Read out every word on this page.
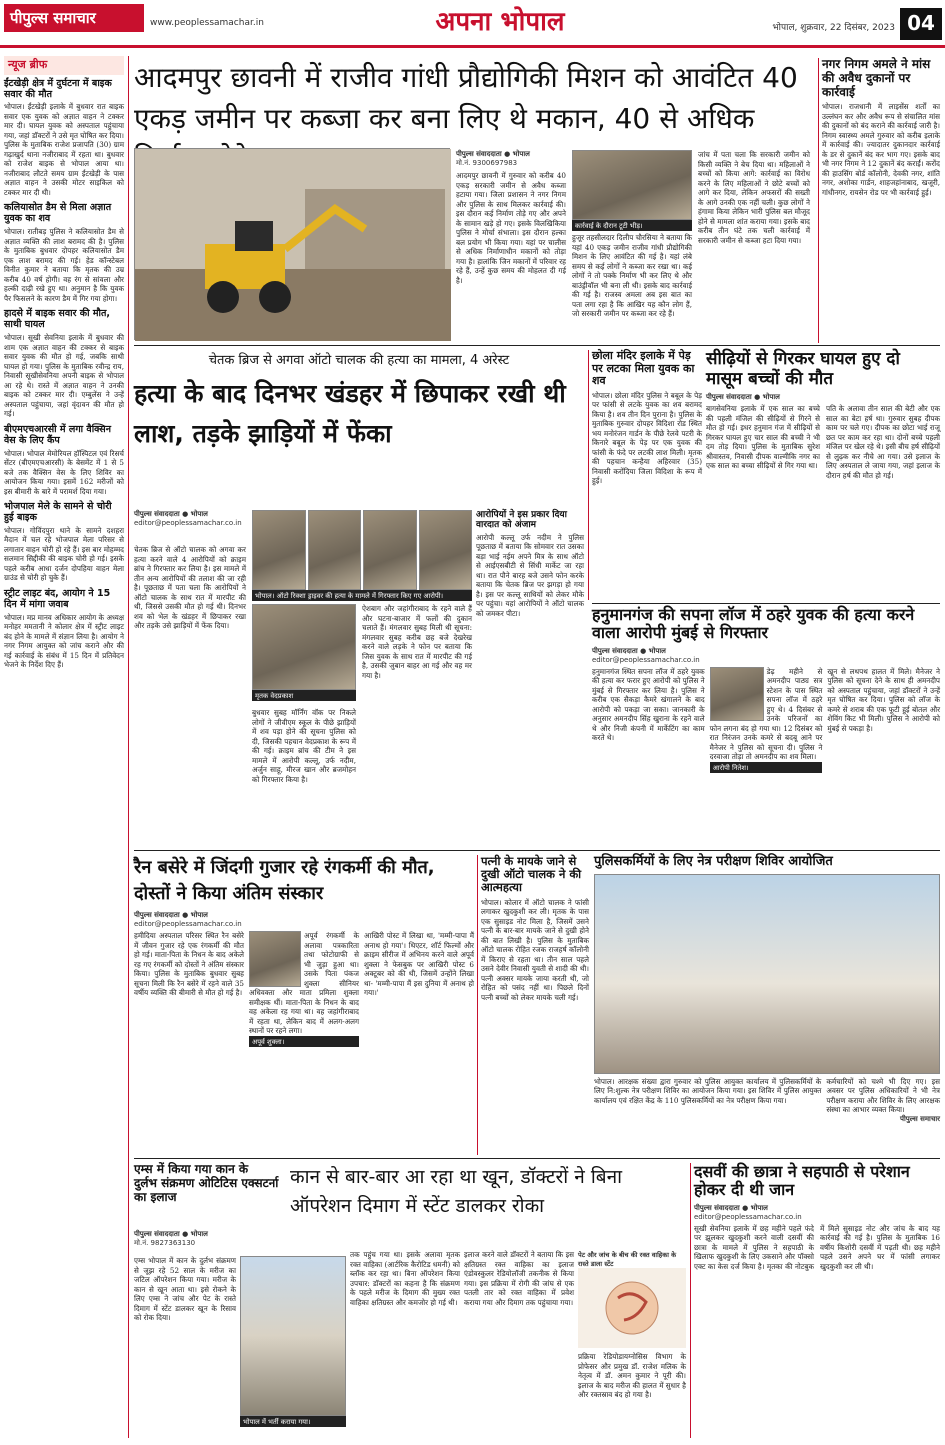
पीपुल्स समाचार	www.peoplessamachar.in	अपना भोपाल	भोपाल, शुक्रवार, 22 दिसंबर, 2023 04
न्यूज ब्रीफ
ईंटखेड़ी क्षेत्र में दुर्घटना में बाइक सवार की मौत
भोपाल। ईंटखेड़ी इलाके में बुधवार रात बाइक सवार एक युवक को अज्ञात वाहन ने टक्कर मार दी। घायल युवक को अस्पताल पहुंचाया गया, जहां डॉक्टरों ने उसे मृत घोषित कर दिया। पुलिस के मुताबिक राजेश प्रजापति (30) ग्राम गढ़ाखुर्द थाना नजीराबाद में रहता था। बुधवार को राजेश बाइक से भोपाल आया था। नजीराबाद लौटते समय ग्राम ईंटखेड़ी के पास अज्ञात वाहन ने उसकी मोटर साइकिल को टक्कर मार दी थी।
कलियासोत डैम से मिला अज्ञात युवक का शव
भोपाल। रातीबड़ पुलिस ने कलियासोत डैम से अज्ञात व्यक्ति की लाश बरामद की है। पुलिस के मुताबिक बुधवार दोपहर कलियासोत डैम एक लाश बरामद की गई। हेड कॉन्स्टेबल विनीत कुमार ने बताया कि मृतक की उम्र करीब 40 वर्ष होगी। वह रंग से सांवला और हल्की दाढ़ी रखे हुए था। अनुमान है कि युवक पैर फिसलने के कारण डैम में गिर गया होगा।
हादसे में बाइक सवार की मौत, साथी घायल
भोपाल। सूखी सेवनिया इलाके में बुधवार की शाम एक अज्ञात वाहन की टक्कर से बाइक सवार युवक की मौत हो गई, जबकि साथी घायल हो गया। पुलिस के मुताबिक रवीन्द्र राय, निवासी सूखीसेवनिया अपनी बाइक से भोपाल आ रहे थे। रास्ते में अज्ञात वाहन ने उनकी बाइक को टक्कर मार दी। एम्बुलेंस ने उन्हें अस्पताल पहुंचाया, जहां वृंदावन की मौत हो गई।
बीएमएचआरसी में लगा वैक्सिन वेस के लिए कैंप
भोपाल। भोपाल मेमोरियल हॉस्पिटल एवं रिसर्च सेंटर (बीएमएचआरसी) के बेसमेंट में 1 से 5 बजे तक वैक्सिन वेस के लिए शिविर का आयोजन किया गया। इसमें 162 मरीजों को इस बीमारी के बारे में परामर्श दिया गया।
भोजपाल मेले के सामने से चोरी हुई बाइक
भोपाल। गोविंदपुरा थाने के सामने दशहरा मैदान में चल रहे भोजपाल मेला परिसर से लगातार वाहन चोरी हो रहे हैं। इस बार मोहम्मद सलमान सिद्दीकी की बाइक चोरी हो गई। इसके पहले करीब आधा दर्जन दोपहिया वाहन मेला ग्राउंड से चोरी हो चुके हैं।
स्ट्रीट लाइट बंद, आयोग ने 15 दिन में मांगा जवाब
भोपाल। मप्र मानव अधिकार आयोग के अध्यक्ष मनोहर ममतानी ने कोलार क्षेत्र में स्ट्रीट लाइट बंद होने के मामले में संज्ञान लिया है। आयोग ने नगर निगम आयुक्त को जांच कराने और की गई कार्रवाई के संबंध में 15 दिन में प्रतिवेदन भेजने के निर्देश दिए हैं।
आदमपुर छावनी में राजीव गांधी प्रौद्योगिकी मिशन को आवंटित 40 एकड़ जमीन पर कब्जा कर बना लिए थे मकान, 40 से अधिक
पीपुल्स संवाददाता ● भोपाल
मो.नं. 9300697983
आदमपुर छावनी में गुरुवार को करीब 40 एकड़ सरकारी जमीन से अवैध कब्जा हटाया गया। जिला प्रशासन ने नगर निगम और पुलिस के साथ मिलकर कार्रवाई की। इस दौरान कई निर्माण तोड़े गए और अपने के सामान खड़े हो गए। इसके विलखिकिया पुलिस ने मोर्चा संभाला। इस दौरान हल्का बल प्रयोग भी किया गया। यहां पर चालीस से अधिक निर्माणाधीन मकानों को तोड़ा गया है। हालांकि जिन मकानों में परिवार रह रहे हैं, उन्हें कुछ समय की मोहलत दी गई है।
कार्रवाई के दौरान टूटी भीड़।
हुजूर तहसीलदार दिलीप चौरसिया ने बताया कि यहां 40 एकड़ जमीन राजीव गांधी प्रौद्योगिकी मिशन के लिए आवंटित की गई है। यहां लंबे समय से कई लोगों ने कब्जा कर रखा था। कई लोगों ने तो पक्के निर्माण भी कर लिए थे और बाउंड्रीवॉल भी बना ली थी। इसके बाद कार्रवाई की गई है। राजस्व अमला अब इस बात का पता लगा रहा है कि आखिर यह कौन लोग हैं, जो सरकारी जमीन पर कब्जा कर रहे हैं।
जांच में पता चला कि सरकारी जमीन को किसी व्यक्ति ने बेच दिया था। महिलाओं ने बच्चों को किया आगे: कार्रवाई का विरोध करने के लिए महिलाओं ने छोटे बच्चों को आगे कर दिया, लेकिन अफसरों की सख्ती के आगे उनकी एक नहीं चली। कुछ लोगों ने हंगामा किया लेकिन भारी पुलिस बल मौजूद होने से मामला शांत कराया गया। इसके बाद करीब तीन घंटे तक चली कार्रवाई में सरकारी जमीन से कब्जा हटा दिया गया।
नगर निगम अमले ने मांस की अवैध दुकानों पर कार्रवाई
भोपाल। राजधानी में लाइसेंस शर्तों का उल्लंघन कर और अवैध रूप से संचालित मांस की दुकानों को बंद कराने की कार्रवाई जारी है। निगम स्वास्थ्य अमले गुरुवार को करीब इलाके में कार्रवाई की। ज्यादातर दुकानदार कार्रवाई के डर से दुकानें बंद कर भाग गए। इसके बाद भी नगर निगम ने 12 दुकानें बंद कराईं। करोंद की हाउसिंग बोर्ड कॉलोनी, देवकी नगर, शांति नगर, अशोका गार्डन, शाहजहांनाबाद, खजूरी, गांधीनगर, रायसेन रोड पर भी कार्रवाई हुई।
चेतक ब्रिज से अगवा ऑटो चालक की हत्या का मामला, 4 अरेस्ट
हत्या के बाद दिनभर खंडहर में छिपाकर रखी थी लाश, तड़के झाड़ियों में फेंका
पीपुल्स संवाददाता ● भोपाल
editor@peoplessamachar.co.in
भोपाल। ऑटो रिक्शा ड्राइवर की हत्या के मामले में गिरफ्तार किए गए आरोपी।
चेतक ब्रिज से ऑटो चालक को अगवा कर हत्या करने वाले 4 आरोपियों को क्राइम ब्रांच ने गिरफ्तार कर लिया है। इस मामले में तीन अन्य आरोपियों की तलाश की जा रही है। पूछताछ में पता चला कि आरोपियों ने ऑटो चालक के साथ रात में मारपीट की थी, जिससे उसकी मौत हो गई थी। दिनभर शव को भेल के खंडहर में छिपाकर रखा और तड़के उसे झाड़ियों में फेंक दिया।
मृतक वेदप्रकाश
बुधवार सुबह मॉर्निंग वॉक पर निकले लोगों ने जीवीएम स्कूल के पीछे झाड़ियों में शव पड़ा होने की सूचना पुलिस को दी, जिसकी पहचान वेदप्रकाश के रूप में की गई। क्राइम ब्रांच की टीम ने इस मामले में आरोपी कल्लू, उर्फ नदीम, अर्जुन साहू, मीरज खान और ब्रजमोहन को गिरफ्तार किया है।
ऐशबाग और जहांगीराबाद के रहने वाले हैं और घटना-बाजार में फलों की दुकान चलाते हैं। मंगलवार सुबह मिली थी सूचना: मंगलवार सुबह करीब छह बजे देखरेख करने वाले लड़के ने फोन पर बताया कि जिस युवक के साथ रात में मारपीट की गई है, उसकी जुबान बाहर आ गई और वह मर गया है।
आरोपियों ने इस प्रकार दिया वारदात को अंजाम
आरोपी कल्लू उर्फ नदीम ने पुलिस पूछताछ में बताया कि सोमवार रात उसका बड़ा भाई नईम अपने मित्र के साथ ऑटो से आईएसबीटी से सिंधी मार्केट जा रहा था। रात पौने बारह बजे उसने फोन करके बताया कि चेतक ब्रिज पर झगड़ा हो गया है। इस पर कल्लू साथियों को लेकर मौके पर पहुंचा। यहां आरोपियों ने ऑटो चालक को जमकर पीटा।
छोला मंदिर इलाके में पेड़ पर लटका मिला युवक का शव
भोपाल। छोला मंदिर पुलिस ने बबूल के पेड़ पर फांसी से लटके युवक का शव बरामद किया है। शव तीन दिन पुराना है। पुलिस के मुताबिक गुरुवार दोपहर विदिशा रोड स्थित भय मनोरंजन गार्डन के पीछे रेलवे पटरी के किनारे बबूल के पेड़ पर एक युवक की फांसी के फंदे पर लटकी लाश मिली। मृतक की पहचान कन्हैया अहिरवार (35) निवासी करोंदिया जिला विदिशा के रूप में हुई।
सीढ़ियों से गिरकर घायल हुए दो मासूम बच्चों की मौत
पीपुल्स संवाददाता ● भोपाल
बागसेवनिया इलाके में एक साल का बच्चे की पहली मंजिल की सीढ़ियों से गिरने से मौत हो गई। इधर हनुमान गंज में सीढ़ियों से गिरकर घायल हुए चार साल की बच्ची ने भी दम तोड़ दिया। पुलिस के मुताबिक सुरेश श्रीवास्तव, निवासी दीपक वाल्मीकि नगर का एक साल का बच्चा सीढ़ियों से गिर गया था।
पति के अलावा तीन साल की बेटी और एक साल का बेटा हर्ष था। गुरुवार सुबह दीपक काम पर चले गए। दीपक का छोटा भाई राजू छत पर काम कर रहा था। दोनों बच्चे पहली मंजिल पर खेल रहे थे। इसी बीच हर्ष सीढ़ियों से लुढ़क कर नीचे आ गया। उसे इलाज के लिए अस्पताल ले जाया गया, जहां इलाज के दौरान हर्ष की मौत हो गई।
हनुमानगंज की सपना लॉज में ठहरे युवक की हत्या करने वाला आरोपी मुंबई से गिरफ्तार
पीपुल्स संवाददाता ● भोपाल
editor@peoplessamachar.co.in
हनुमानगंज स्थित सपना लॉज में ठहरे युवक की हत्या कर फरार हुए आरोपी को पुलिस ने मुंबई से गिरफ्तार कर लिया है। पुलिस ने करीब एक सैकड़ा कैमरे खंगालने के बाद आरोपी को पकड़ा जा सका। जानकारी के अनुसार अमनदीप सिंह खुराना के रहने वाले थे और निजी कंपनी में मार्केटिंग का काम करते थे।
डेढ़ महीने से अमनदीप पाठ्य सत्र स्टेशन के पास स्थित सपना लॉज में ठहरे हुए थे। 4 दिसंबर से उनके परिजनों का फोन लगना बंद हो गया था। 12 दिसंबर को रात निरंजन उनके कमरे से बदबू आने पर मैनेजर ने पुलिस को सूचना दी। पुलिस ने दरवाजा तोड़ा तो अमनदीप का शव मिला।
आरोपी नितेश।
खून से लथपथ हालत में मिले। मैनेजर ने पुलिस को सूचना देने के साथ ही अमनदीप को अस्पताल पहुंचाया, जहां डॉक्टरों ने उन्हें मृत घोषित कर दिया। पुलिस को लॉज के कमरे से शराब की एक फूटी हुई बोतल और शेविंग किट भी मिली। पुलिस ने आरोपी को मुंबई से पकड़ा है।
रैन बसेरे में जिंदगी गुजार रहे रंगकर्मी की मौत, दोस्तों ने किया अंतिम संस्कार
पीपुल्स संवाददाता ● भोपाल
editor@peoplessamachar.co.in
हमीदिया अस्पताल परिसर स्थित रैन बसेरे में जीवन गुजार रहे एक रंगकर्मी की मौत हो गई। माता-पिता के निधन के बाद अकेले रह गए रंगकर्मी को दोस्तों ने अंतिम संस्कार किया। पुलिस के मुताबिक बुधवार सुबह सूचना मिली कि रैन बसेरे में रहने वाले 35 वर्षीय व्यक्ति की बीमारी से मौत हो गई है।
अपूर्व रंगकर्मी के अलावा पत्रकारिता तथा फोटोग्राफी से भी जुड़ा हुआ था। उसके पिता पंकज शुक्ला सीनियर अधिवक्ता और माता प्रमिला शुक्ला समीक्षक थीं। माता-पिता के निधन के बाद वह अकेला रह गया था। वह जहांगीराबाद में रहता था, लेकिन बाद में अलग-अलग स्थानों पर रहने लगा।
अपूर्व शुक्ला।
आखिरी पोस्ट में लिखा था, 'मम्मी-पापा मैं अनाथ हो गया'। थिएटर, शॉर्ट फिल्मों और क्राइम सीरीज में अभिनय करने वाले अपूर्व शुक्ला ने फेसबुक पर आखिरी पोस्ट 6 अक्टूबर को की थी, जिसमें उन्होंने लिखा था- 'मम्मी-पापा मैं इस दुनिया में अनाथ हो गया।'
पत्नी के मायके जाने से दुखी ऑटो चालक ने की आत्महत्या
भोपाल। कोलार में ऑटो चालक ने फांसी लगाकर खुदकुशी कर ली। मृतक के पास एक सुसाइड नोट मिला है, जिसमें उसने पत्नी के बार-बार मायके जाने से दुखी होने की बात लिखी है। पुलिस के मुताबिक ऑटो चालक रोहित रजक राजहर्ष कॉलोनी में किराए से रहता था। तीन साल पहले उसने देवीर निवासी युवती से शादी की थी। पत्नी अक्सर मायके जाया करती थी, जो रोहित को पसंद नहीं था। पिछले दिनों पत्नी बच्चों को लेकर मायके चली गई।
पुलिसकर्मियों के लिए नेत्र परीक्षण शिविर आयोजित
भोपाल। आरक्षक संख्या द्वारा गुरुवार को पुलिस आयुक्त कार्यालय में पुलिसकर्मियों के लिए नि:शुल्क नेत्र परीक्षण शिविर का आयोजन किया गया। इस शिविर में पुलिस आयुक्त कार्यालय एवं रक्षित केंद्र के 110 पुलिसकर्मियों का नेत्र परीक्षण किया गया।
कर्मचारियों को चश्मे भी दिए गए। इस अवसर पर पुलिस अधिकारियों ने भी नेत्र परीक्षण कराया और शिविर के लिए आरक्षक संस्था का आभार व्यक्त किया।
पीपुल्स समाचार
एम्स में किया गया कान के
दुर्लभ संक्रमण ओटिटिस एक्सटर्ना का इलाज
कान से बार-बार आ रहा था खून, डॉक्टरों ने बिना ऑपरेशन दिमाग में स्टेंट डालकर रोका
पीपुल्स संवाददाता ● भोपाल
मो.नं. 9827363130
एम्स भोपाल में कान के दुर्लभ संक्रमण से जूझ रहे 52 साल के मरीज का जटिल ऑपरेशन किया गया। मरीज के कान से खून आता था। इसे रोकने के लिए एम्स ने जांच और पेट के रास्ते दिमाग में स्टेंट डालकर खून के रिसाव को रोक दिया।
भोपाल में भर्ती कराया गया।
तक पहुंच गया था। इसके अलावा मृतक रक्त वाहिका (आर्टरिक कैरोटिड धमनी) को ब्लॉक कर रहा था। बिना ऑपरेशन किया उपचार: डॉक्टरों का कहना है कि संक्रमण के पहले मरीज के दिमाग की मुख्य रक्त वाहिका क्षतिग्रस्त और कमजोर हो गई थी।
इलाज करने वाले डॉक्टरों ने बताया कि इस क्षतिग्रस्त रक्त वाहिका का इलाज एंडोवस्कुलर रेडियोलॉजी तकनीक से किया गया। इस प्रक्रिया में रोगी की जांघ से एक पतली तार को रक्त वाहिका में प्रवेश कराया गया और दिमाग तक पहुंचाया गया।
पेट और जांच के बीच की रक्त वाहिका के रास्ते डाला स्टेंट
प्रक्रिया रेडियोडायग्नोसिस विभाग के प्रोफेसर और प्रमुख डॉ. राजेश मलिक के नेतृत्व में डॉ. अमन कुमार ने पूरी की। इलाज के बाद मरीज की हालत में सुधार है और रक्तस्राव बंद हो गया है।
दसवीं की छात्रा ने सहपाठी से परेशान होकर दी थी जान
पीपुल्स संवाददाता ● भोपाल
editor@peoplessamachar.co.in
सूखी सेवनिया इलाके में छह महीने पहले फंदे पर झूलकर खुदकुशी करने वाली दसवीं की छात्रा के मामले में पुलिस ने सहपाठी के खिलाफ खुदकुशी के लिए उकसाने और पॉक्सो एक्ट का केस दर्ज किया है। मृतका की नोटबुक में मिले सुसाइड नोट और जांच के बाद यह कार्रवाई की गई है। पुलिस के मुताबिक 16 वर्षीय किशोरी दसवीं में पढ़ती थी। छह महीने पहले उसने अपने घर में फांसी लगाकर खुदकुशी कर ली थी।
